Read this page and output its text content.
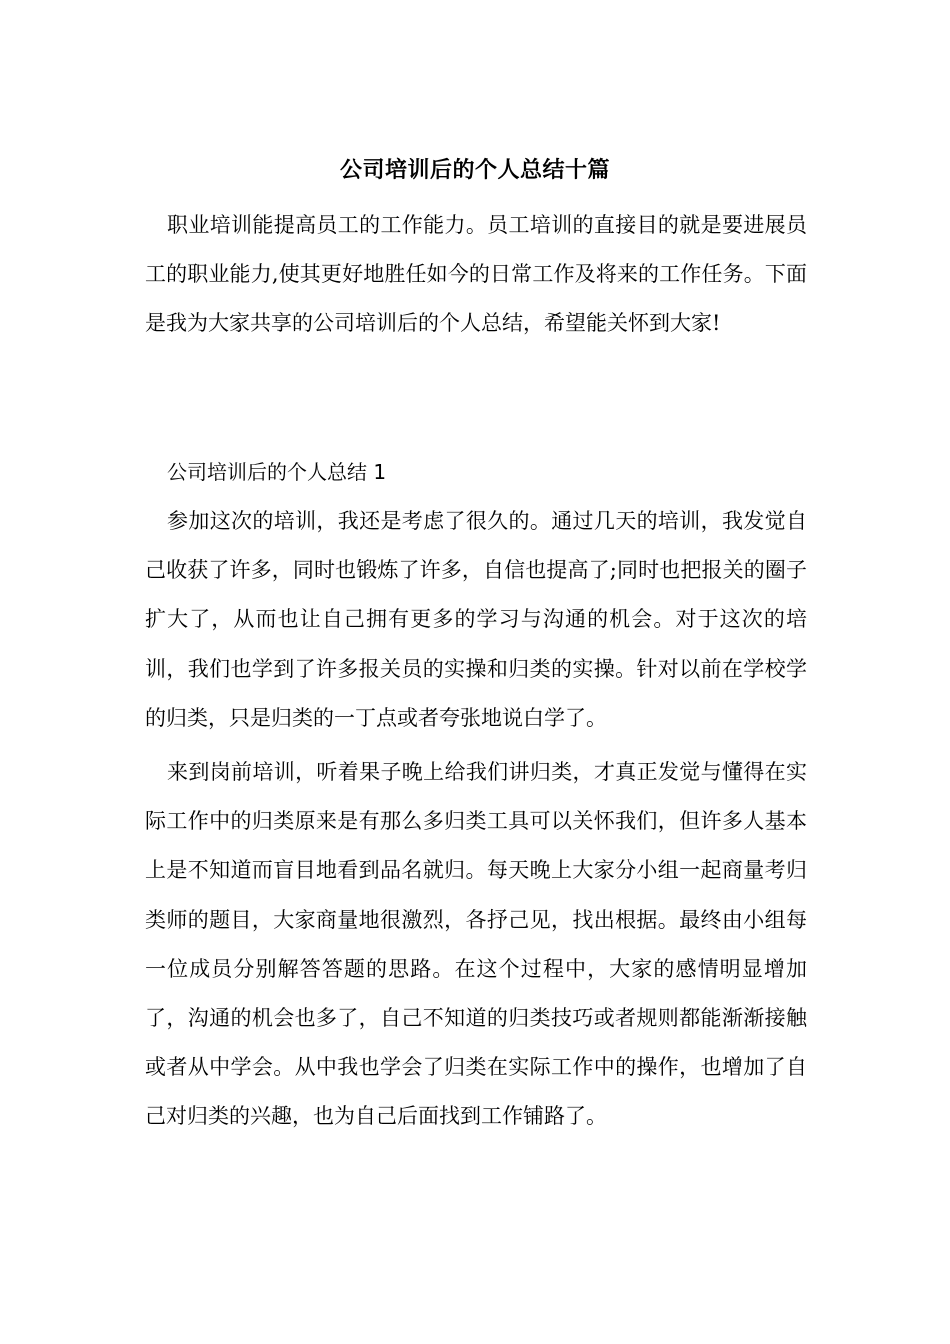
公司培训后的个人总结十篇

职业培训能提高员工的工作能力。员工培训的直接目的就是要进展员工的职业能力,使其更好地胜任如今的日常工作及将来的工作任务。下面是我为大家共享的公司培训后的个人总结，希望能关怀到大家!

公司培训后的个人总结 1

参加这次的培训，我还是考虑了很久的。通过几天的培训，我发觉自己收获了许多，同时也锻炼了许多，自信也提高了;同时也把报关的圈子扩大了，从而也让自己拥有更多的学习与沟通的机会。对于这次的培训，我们也学到了许多报关员的实操和归类的实操。针对以前在学校学的归类，只是归类的一丁点或者夸张地说白学了。

来到岗前培训，听着果子晚上给我们讲归类，才真正发觉与懂得在实际工作中的归类原来是有那么多归类工具可以关怀我们，但许多人基本上是不知道而盲目地看到品名就归。每天晚上大家分小组一起商量考归类师的题目，大家商量地很激烈，各抒己见，找出根据。最终由小组每一位成员分别解答答题的思路。在这个过程中，大家的感情明显增加了，沟通的机会也多了，自己不知道的归类技巧或者规则都能渐渐接触或者从中学会。从中我也学会了归类在实际工作中的操作，也增加了自己对归类的兴趣，也为自己后面找到工作铺路了。
